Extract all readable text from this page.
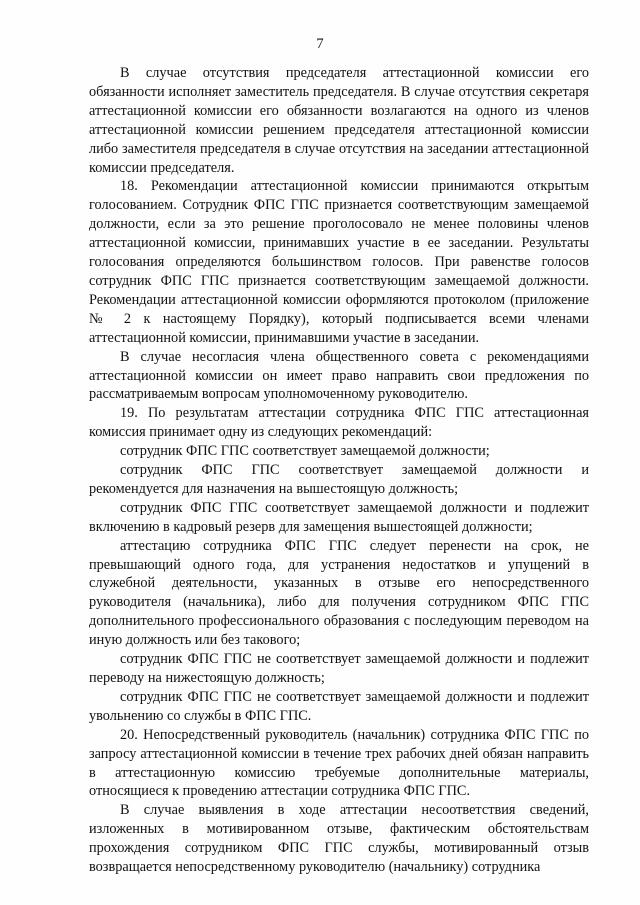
7

В случае отсутствия председателя аттестационной комиссии его обязанности исполняет заместитель председателя. В случае отсутствия секретаря аттестационной комиссии его обязанности возлагаются на одного из членов аттестационной комиссии решением председателя аттестационной комиссии либо заместителя председателя в случае отсутствия на заседании аттестационной комиссии председателя.

18. Рекомендации аттестационной комиссии принимаются открытым голосованием. Сотрудник ФПС ГПС признается соответствующим замещаемой должности, если за это решение проголосовало не менее половины членов аттестационной комиссии, принимавших участие в ее заседании. Результаты голосования определяются большинством голосов. При равенстве голосов сотрудник ФПС ГПС признается соответствующим замещаемой должности. Рекомендации аттестационной комиссии оформляются протоколом (приложение № 2 к настоящему Порядку), который подписывается всеми членами аттестационной комиссии, принимавшими участие в заседании.

В случае несогласия члена общественного совета с рекомендациями аттестационной комиссии он имеет право направить свои предложения по рассматриваемым вопросам уполномоченному руководителю.

19. По результатам аттестации сотрудника ФПС ГПС аттестационная комиссия принимает одну из следующих рекомендаций:

сотрудник ФПС ГПС соответствует замещаемой должности;

сотрудник ФПС ГПС соответствует замещаемой должности и рекомендуется для назначения на вышестоящую должность;

сотрудник ФПС ГПС соответствует замещаемой должности и подлежит включению в кадровый резерв для замещения вышестоящей должности;

аттестацию сотрудника ФПС ГПС следует перенести на срок, не превышающий одного года, для устранения недостатков и упущений в служебной деятельности, указанных в отзыве его непосредственного руководителя (начальника), либо для получения сотрудником ФПС ГПС дополнительного профессионального образования с последующим переводом на иную должность или без такового;

сотрудник ФПС ГПС не соответствует замещаемой должности и подлежит переводу на нижестоящую должность;

сотрудник ФПС ГПС не соответствует замещаемой должности и подлежит увольнению со службы в ФПС ГПС.

20. Непосредственный руководитель (начальник) сотрудника ФПС ГПС по запросу аттестационной комиссии в течение трех рабочих дней обязан направить в аттестационную комиссию требуемые дополнительные материалы, относящиеся к проведению аттестации сотрудника ФПС ГПС.

В случае выявления в ходе аттестации несоответствия сведений, изложенных в мотивированном отзыве, фактическим обстоятельствам прохождения сотрудником ФПС ГПС службы, мотивированный отзыв возвращается непосредственному руководителю (начальнику) сотрудника
